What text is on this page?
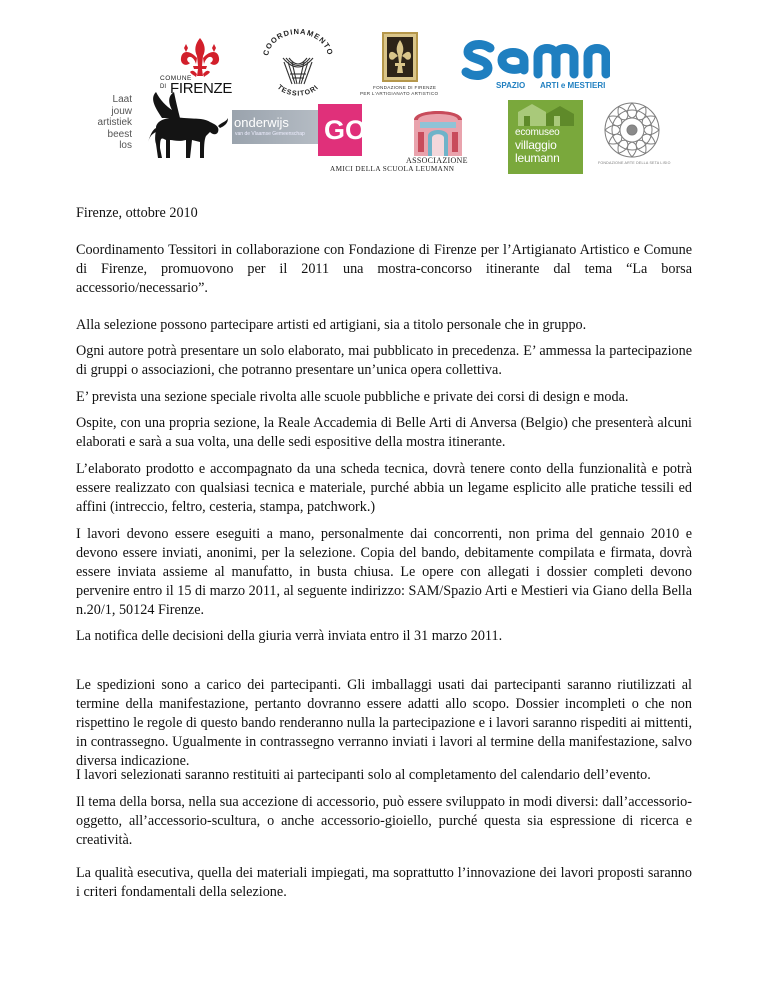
COMUNE
DI FIRENZE
COORDINAMENTO
TESSITORI	FONDAZIONE DI FIRENZE
PER L'ARTIGIANATO ARTISTICO
SPAZIO ARTI e MESTIERI
Laat
jouw
artistiek
beest
los
onderwijs
van de Vlaamse Gemeenschap GO!
ASSOCIAZIONE
AMICI DELLA SCUOLA LEUMANN
ecomuseo
villaggio
leumann	FONDAZIONE ARTE DELLA SETA LISIO
Firenze, ottobre 2010

Coordinamento Tessitori in collaborazione con Fondazione di Firenze per l’Artigianato Artistico e Comune di Firenze, promuovono per il 2011 una mostra-concorso itinerante dal tema “La borsa accessorio/necessario”.

Alla selezione possono partecipare artisti ed artigiani, sia a titolo personale che in gruppo.

Ogni autore potrà presentare un solo elaborato, mai pubblicato in precedenza. E’ ammessa la partecipazione di gruppi o associazioni, che potranno presentare un’unica opera collettiva.

E’ prevista una sezione speciale rivolta alle scuole pubbliche e private dei corsi di design e moda.

Ospite, con una propria sezione, la Reale Accademia di Belle Arti di Anversa (Belgio) che presenterà alcuni elaborati e sarà a sua volta, una delle sedi espositive della mostra itinerante.

L’elaborato prodotto e accompagnato da una scheda tecnica, dovrà tenere conto della funzionalità e potrà essere realizzato con qualsiasi tecnica e materiale, purché abbia un legame esplicito alle pratiche tessili ed affini (intreccio, feltro, cesteria, stampa, patchwork.)

I lavori devono essere eseguiti a mano, personalmente dai concorrenti, non prima del gennaio 2010 e devono essere inviati, anonimi, per la selezione. Copia del bando, debitamente compilata e firmata, dovrà essere inviata assieme al manufatto, in busta chiusa. Le opere con allegati i dossier completi devono pervenire entro il 15 di marzo 2011, al seguente indirizzo: SAM/Spazio Arti e Mestieri via Giano della Bella n.20/1, 50124 Firenze.

La notifica delle decisioni della giuria verrà inviata entro il 31 marzo 2011.

Le spedizioni sono a carico dei partecipanti. Gli imballaggi usati dai partecipanti saranno riutilizzati al termine della manifestazione, pertanto dovranno essere adatti allo scopo. Dossier incompleti o che non rispettino le regole di questo bando renderanno nulla la partecipazione e i lavori saranno rispediti ai mittenti, in contrassegno. Ugualmente in contrassegno verranno inviati i lavori al termine della manifestazione, salvo diversa indicazione.

I lavori selezionati saranno restituiti ai partecipanti solo al completamento del calendario dell’evento.

Il tema della borsa, nella sua accezione di accessorio, può essere sviluppato in modi diversi: dall’accessorio-oggetto, all’accessorio-scultura, o anche accessorio-gioiello, purché questa sia espressione di ricerca e creatività.

La qualità esecutiva, quella dei materiali impiegati, ma soprattutto l’innovazione dei lavori proposti saranno i criteri fondamentali della selezione.
